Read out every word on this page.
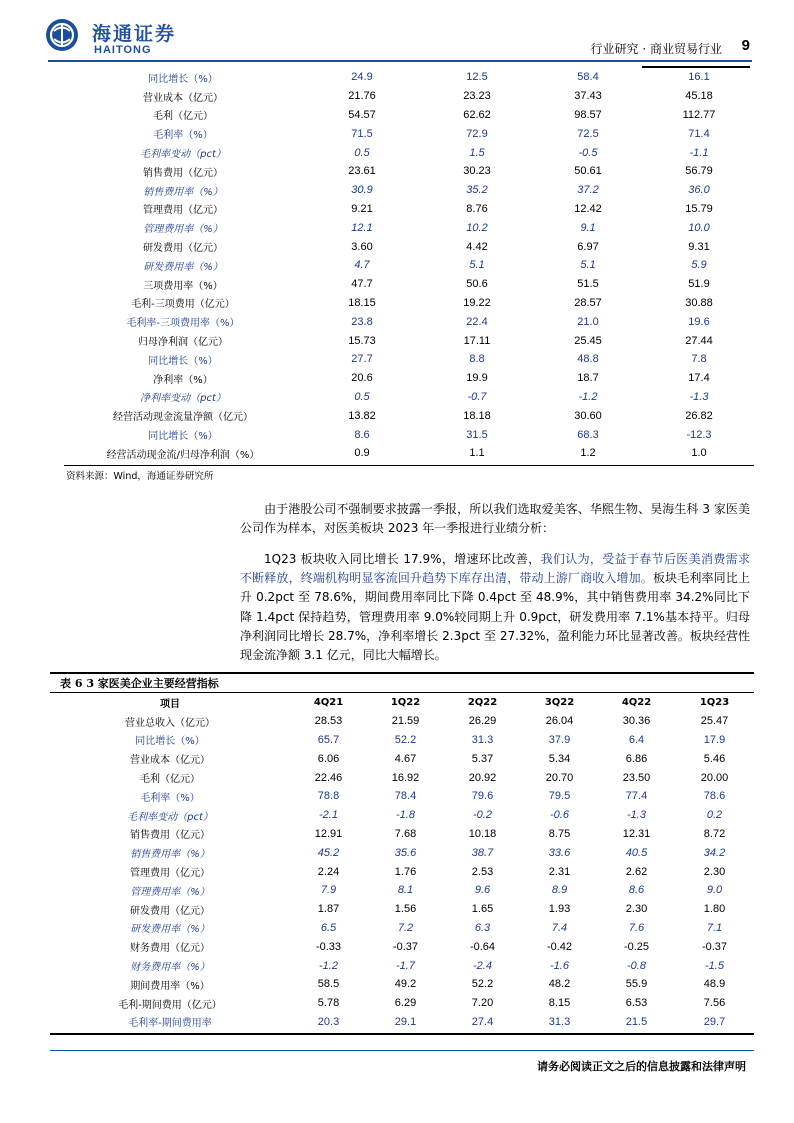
海通证券
HAITONG	行业研究 · 商业贸易行业 9
同比增长（%）	24.9	12.5	58.4	16.1
营业成本（亿元）	21.76	23.23	37.43	45.18
毛利（亿元）	54.57	62.62	98.57	112.77
毛利率（%）	71.5	72.9	72.5	71.4
毛利率变动（pct）	0.5	1.5	-0.5	-1.1
销售费用（亿元）	23.61	30.23	50.61	56.79
销售费用率（%）	30.9	35.2	37.2	36.0
管理费用（亿元）	9.21	8.76	12.42	15.79
管理费用率（%）	12.1	10.2	9.1	10.0
研发费用（亿元）	3.60	4.42	6.97	9.31
研发费用率（%）	4.7	5.1	5.1	5.9
三项费用率（%）	47.7	50.6	51.5	51.9
毛利-三项费用（亿元）	18.15	19.22	28.57	30.88
毛利率-三项费用率（%）	23.8	22.4	21.0	19.6
归母净利润（亿元）	15.73	17.11	25.45	27.44
同比增长（%）	27.7	8.8	48.8	7.8
净利率（%）	20.6	19.9	18.7	17.4
净利率变动（pct）	0.5	-0.7	-1.2	-1.3
经营活动现金流量净额（亿元）	13.82	18.18	30.60	26.82
同比增长（%）	8.6	31.5	68.3	-12.3
经营活动现金流/归母净利润（%）	0.9	1.1	1.2	1.0
资料来源：Wind，海通证券研究所
由于港股公司不强制要求披露一季报，所以我们选取爱美客、华熙生物、昊海生科 3 家医美公司作为样本，对医美板块 2023 年一季报进行业绩分析：
1Q23 板块收入同比增长 17.9%，增速环比改善，我们认为，受益于春节后医美消费需求不断释放，终端机构明显客流回升趋势下库存出清，带动上游厂商收入增加。板块毛利率同比上升 0.2pct 至 78.6%，期间费用率同比下降 0.4pct 至 48.9%，其中销售费用率 34.2%同比下降 1.4pct 保持趋势，管理费用率 9.0%较同期上升 0.9pct，研发费用率 7.1%基本持平。归母净利润同比增长 28.7%，净利率增长 2.3pct 至 27.32%，盈利能力环比显著改善。板块经营性现金流净额 3.1 亿元，同比大幅增长。
表 6 3 家医美企业主要经营指标
项目	4Q21	1Q22	2Q22	3Q22	4Q22	1Q23
营业总收入（亿元）	28.53	21.59	26.29	26.04	30.36	25.47
同比增长（%）	65.7	52.2	31.3	37.9	6.4	17.9
营业成本（亿元）	6.06	4.67	5.37	5.34	6.86	5.46
毛利（亿元）	22.46	16.92	20.92	20.70	23.50	20.00
毛利率（%）	78.8	78.4	79.6	79.5	77.4	78.6
毛利率变动（pct）	-2.1	-1.8	-0.2	-0.6	-1.3	0.2
销售费用（亿元）	12.91	7.68	10.18	8.75	12.31	8.72
销售费用率（%）	45.2	35.6	38.7	33.6	40.5	34.2
管理费用（亿元）	2.24	1.76	2.53	2.31	2.62	2.30
管理费用率（%）	7.9	8.1	9.6	8.9	8.6	9.0
研发费用（亿元）	1.87	1.56	1.65	1.93	2.30	1.80
研发费用率（%）	6.5	7.2	6.3	7.4	7.6	7.1
财务费用（亿元）	-0.33	-0.37	-0.64	-0.42	-0.25	-0.37
财务费用率（%）	-1.2	-1.7	-2.4	-1.6	-0.8	-1.5
期间费用率（%）	58.5	49.2	52.2	48.2	55.9	48.9
毛利-期间费用（亿元）	5.78	6.29	7.20	8.15	6.53	7.56
毛利率-期间费用率	20.3	29.1	27.4	31.3	21.5	29.7
请务必阅读正文之后的信息披露和法律声明
